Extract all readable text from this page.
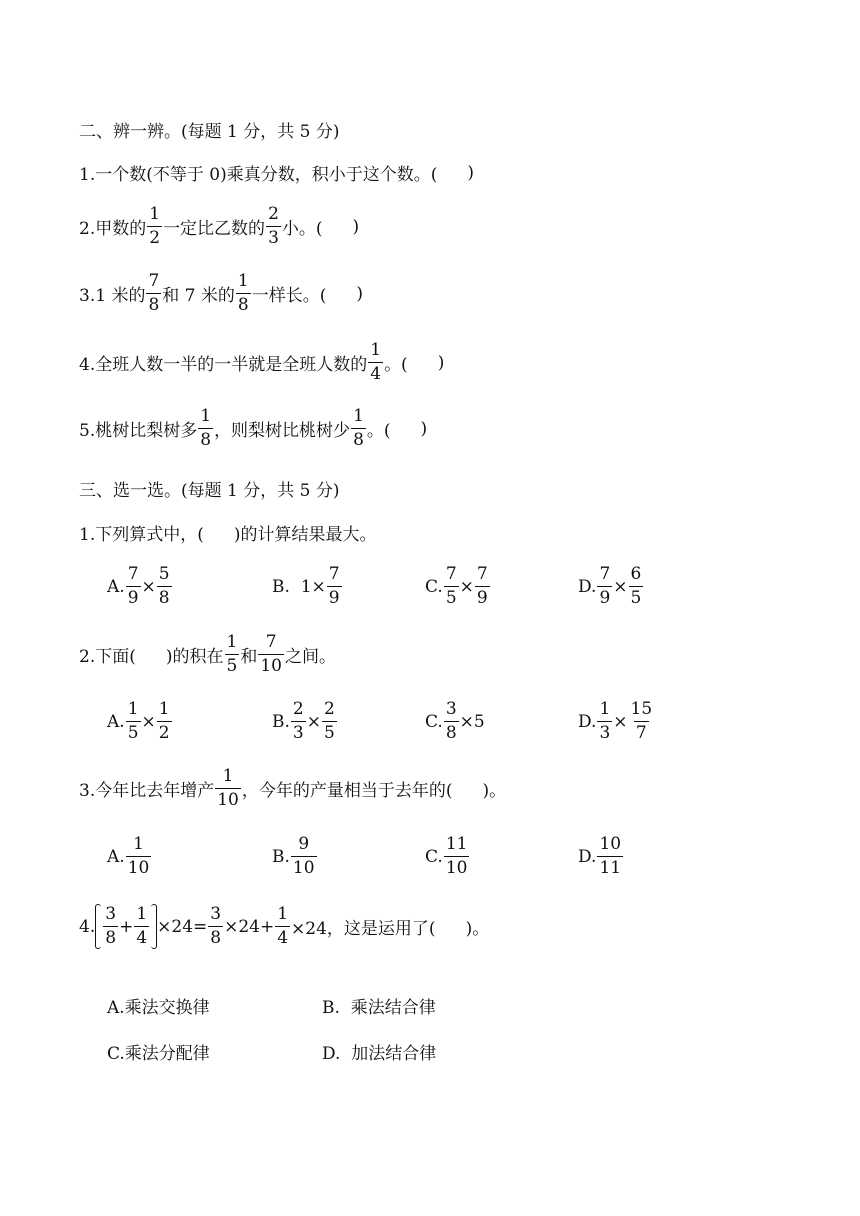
二、辨一辨。(每题 1 分，共 5 分)
1.一个数(不等于 0)乘真分数，积小于这个数。( )
2.甲数的 $\frac{1}{2}$ 一定比乙数的 $\frac{2}{3}$ 小。( )
3.1 米的 $\frac{7}{8}$ 和 7 米的 $\frac{1}{8}$ 一样长。( )
4.全班人数一半的一半就是全班人数的 $\frac{1}{4}$ 。( )
5.桃树比梨树多 $\frac{1}{8}$ ，则梨树比桃树少 $\frac{1}{8}$ 。( )
三、选一选。(每题 1 分，共 5 分)
1.下列算式中，( )的计算结果最大。
A. $\frac{7}{9} \times \frac{5}{8}$	B.  $1\times \frac{7}{9}$	C. $\frac{7}{5} \times \frac{7}{9}$	D. $\frac{7}{9} \times \frac{6}{5}$
2.下面( )的积在 $\frac{1}{5}$ 和 $\frac{7}{10}$ 之间。
A. $\frac{1}{5} \times \frac{1}{2}$	B. $\frac{2}{3} \times \frac{2}{5}$	C. $\frac{3}{8} \times 5$	D. $\frac{1}{3} \times \frac{15}{7}$
3.今年比去年增产 $\frac{1}{10}$ ，今年的产量相当于去年的( )。
A. $\frac{1}{10}$	B. $\frac{9}{10}$	C. $\frac{11}{10}$	D. $\frac{10}{11}$
4. $\frac{3}{8} + \frac{1}{4} \times 24= \frac{3}{8} \times 24+ \frac{1}{4} \times 24$，这是运用了( )。
A.乘法交换律	B.  乘法结合律
C.乘法分配律	D.  加法结合律
